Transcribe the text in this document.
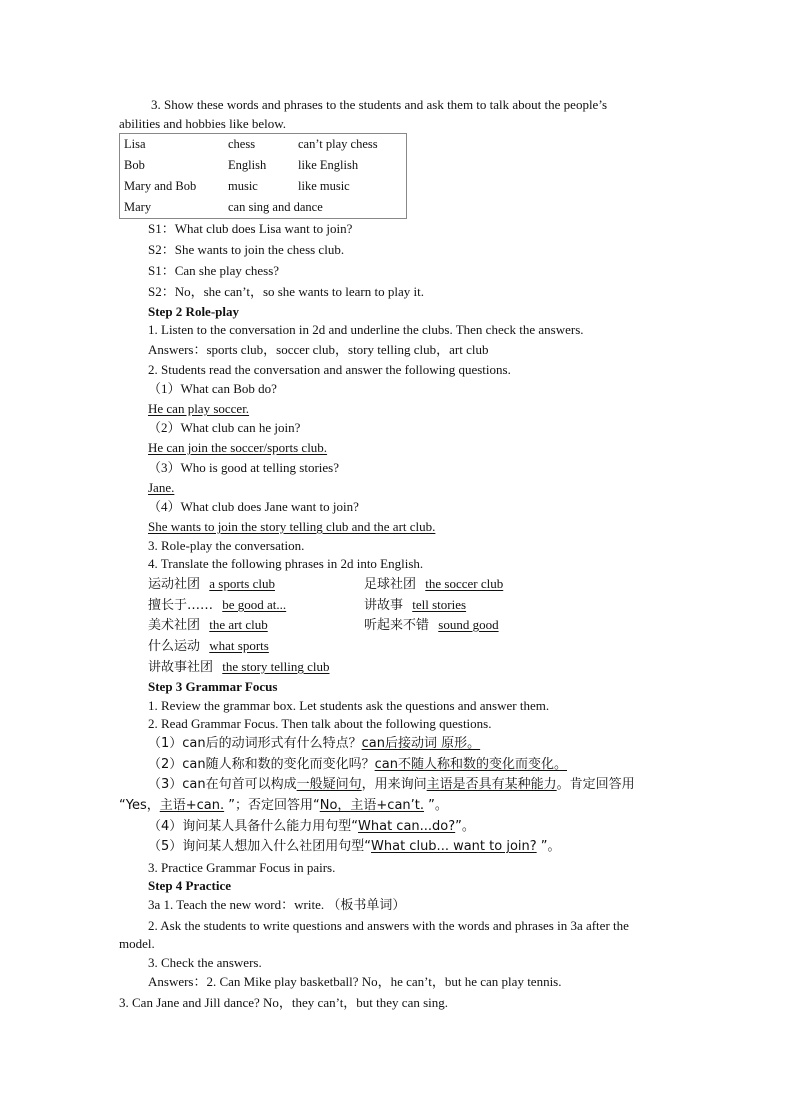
3. Show these words and phrases to the students and ask them to talk about the people’s
abilities and hobbies like below.
Lisa	chess	can’t play chess
Bob	English	like English
Mary and Bob	music	like music
Mary	can sing and dance	
S1：What club does Lisa want to join?
S2：She wants to join the chess club.
S1：Can she play chess?
S2：No，she can’t，so she wants to learn to play it.
Step 2 Role-play
1. Listen to the conversation in 2d and underline the clubs. Then check the answers.
Answers：sports club，soccer club，story telling club，art club
2. Students read the conversation and answer the following questions.
（1）What can Bob do?
He can play soccer.
（2）What club can he join?
He can join the soccer/sports club.
（3）Who is good at telling stories?
Jane.
（4）What club does Jane want to join?
She wants to join the story telling club and the art club.
3. Role-play the conversation.
4. Translate the following phrases in 2d into English.
运动社团 a sports club	足球社团 the soccer club
擅长于…… be good at...	讲故事 tell stories
美术社团 the art club	听起来不错 sound good
什么运动 what sports
讲故事社团 the story telling club
Step 3 Grammar Focus
1. Review the grammar box. Let students ask the questions and answer them.
2. Read Grammar Focus. Then talk about the following questions.
（1）can后的动词形式有什么特点？can后接动词 原形。
（2）can随人称和数的变化而变化吗？can不随人称和数的变化而变化。
（3）can在句首可以构成一般疑问句，用来询问主语是否具有某种能力。肯定回答用
“Yes，主语+can. ”；否定回答用“No，主语+can’t. ”。
（4）询问某人具备什么能力用句型“What can...do?”。
（5）询问某人想加入什么社团用句型“What club... want to join? ”。
3. Practice Grammar Focus in pairs.
Step 4 Practice
3a 1. Teach the new word：write. （板书单词）
2. Ask the students to write questions and answers with the words and phrases in 3a after the
model.
3. Check the answers.
Answers：2. Can Mike play basketball? No，he can’t，but he can play tennis.
3. Can Jane and Jill dance? No，they can’t，but they can sing.
